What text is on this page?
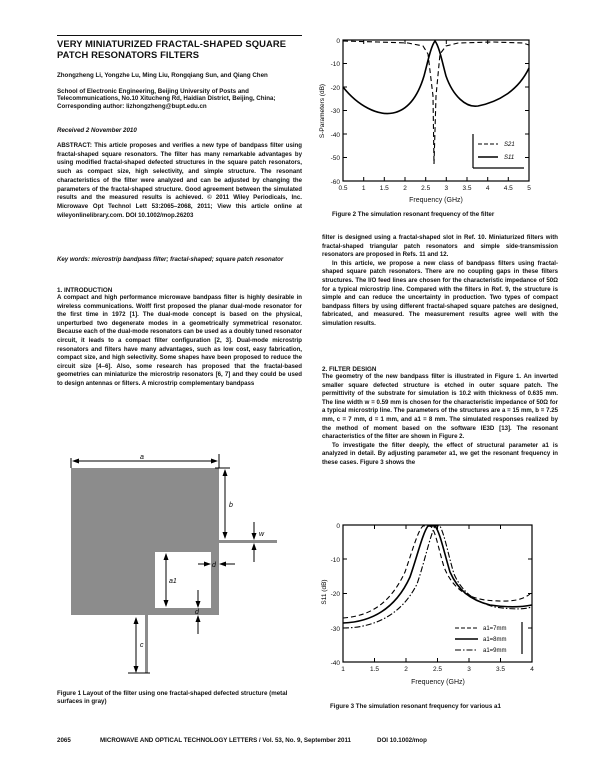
VERY MINIATURIZED FRACTAL-SHAPED SQUARE PATCH RESONATORS FILTERS
Zhongzheng Li, Yongzhe Lu, Ming Liu, Rongqiang Sun, and Qiang Chen
School of Electronic Engineering, Beijing University of Posts and Telecommunications, No.10 Xitucheng Rd, Haidian District, Beijing, China; Corresponding author: lizhongzheng@bupt.edu.cn
Received 2 November 2010
ABSTRACT: This article proposes and verifies a new type of bandpass filter using fractal-shaped square resonators. The filter has many remarkable advantages by using modified fractal-shaped defected structures in the square patch resonators, such as compact size, high selectivity, and simple structure. The resonant characteristics of the filter were analyzed and can be adjusted by changing the parameters of the fractal-shaped structure. Good agreement between the simulated results and the measured results is achieved. © 2011 Wiley Periodicals, Inc. Microwave Opt Technol Lett 53:2065–2068, 2011; View this article online at wileyonlinelibrary.com. DOI 10.1002/mop.26203
Key words: microstrip bandpass filter; fractal-shaped; square patch resonator
1. INTRODUCTION
A compact and high performance microwave bandpass filter is highly desirable in wireless communications. Wolff first proposed the planar dual-mode resonator for the first time in 1972 [1]. The dual-mode concept is based on the physical, unperturbed two degenerate modes in a geometrically symmetrical resonator. Because each of the dual-mode resonators can be used as a doubly tuned resonator circuit, it leads to a compact filter configuration [2, 3]. Dual-mode microstrip resonators and filters have many advantages, such as low cost, easy fabrication, compact size, and high selectivity. Some shapes have been proposed to reduce the circuit size [4–6]. Also, some research has proposed that the fractal-based geometries can miniaturize the microstrip resonators [6, 7] and they could be used to design antennas or filters. A microstrip complementary bandpass
a
b
w
d
a1
d
c
Figure 1 Layout of the filter using one fractal-shaped defected structure (metal surfaces in gray)
0
-10
-20
-30
-40
-50
-60
0.5 1 1.5 2 2.5 3 3.5 4 4.5 5
Frequency (GHz)
S-Parameters (dB)
S21
S11
Figure 2 The simulation resonant frequency of the filter
filter is designed using a fractal-shaped slot in Ref. 10. Miniaturized filters with fractal-shaped triangular patch resonators and simple side-transmission resonators are proposed in Refs. 11 and 12.
In this article, we propose a new class of bandpass filters using fractal-shaped square patch resonators. There are no coupling gaps in these filters structures. The I/O feed lines are chosen for the characteristic impedance of 50Ω for a typical microstrip line. Compared with the filters in Ref. 9, the structure is simple and can reduce the uncertainty in production. Two types of compact bandpass filters by using different fractal-shaped square patches are designed, fabricated, and measured. The measurement results agree well with the simulation results.
2. FILTER DESIGN
The geometry of the new bandpass filter is illustrated in Figure 1. An inverted smaller square defected structure is etched in outer square patch. The permittivity of the substrate for simulation is 10.2 with thickness of 0.635 mm. The line width w = 0.59 mm is chosen for the characteristic impedance of 50Ω for a typical microstrip line. The parameters of the structures are a = 15 mm, b = 7.25 mm, c = 7 mm, d = 1 mm, and a1 = 8 mm. The simulated responses realized by the method of moment based on the software IE3D [13]. The resonant characteristics of the filter are shown in Figure 2.
To investigate the filter deeply, the effect of structural parameter a1 is analyzed in detail. By adjusting parameter a1, we get the resonant frequency in these cases. Figure 3 shows the
0
-10
-20
-30
-40
1	1.5	2	2.5	3	3.5	4
Frequency (GHz)
S11 (dB)
a1=7mm
a1=8mm
a1=9mm
Figure 3 The simulation resonant frequency for various a1
2065	MICROWAVE AND OPTICAL TECHNOLOGY LETTERS / Vol. 53, No. 9, September 2011	DOI 10.1002/mop
